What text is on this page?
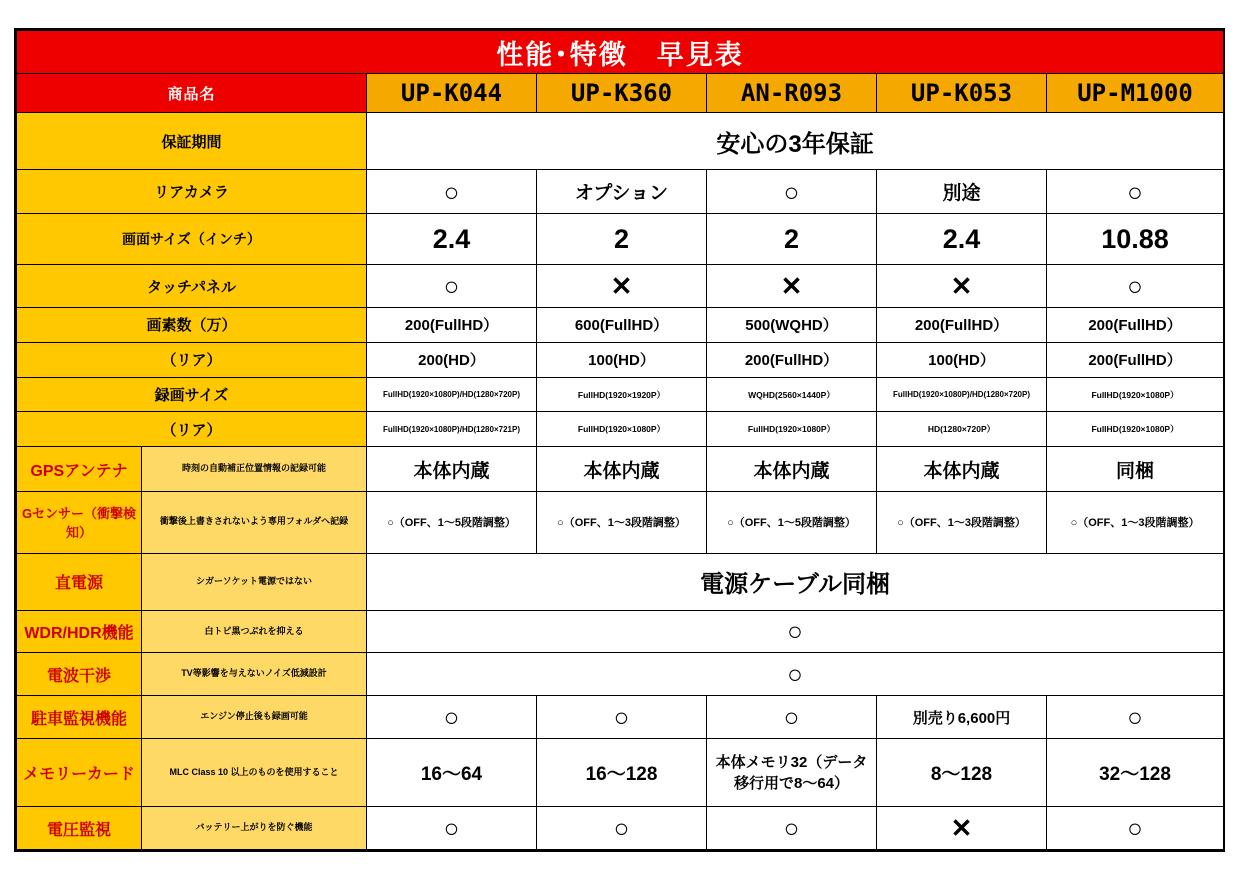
性能･特徴　早見表						
商品名		UP-K044	UP-K360	AN-R093	UP-K053	UP-M1000
保証期間		安心の3年保証				
リアカメラ		○	オプション	○	別途	○
画面サイズ（インチ）		2.4	2	2	2.4	10.88
タッチパネル		○	✕	✕	✕	○
画素数（万）		200(FullHD）	600(FullHD）	500(WQHD）	200(FullHD）	200(FullHD）
（リア）		200(HD）	100(HD）	200(FullHD）	100(HD）	200(FullHD）
録画サイズ		FullHD(1920×1080P)/HD(1280×720P)	FullHD(1920×1920P）	WQHD(2560×1440P）	FullHD(1920×1080P)/HD(1280×720P)	FullHD(1920×1080P）
（リア）		FullHD(1920×1080P)/HD(1280×721P)	FullHD(1920×1080P）	FullHD(1920×1080P）	HD(1280×720P）	FullHD(1920×1080P）
GPSアンテナ	時刻の自動補正位置情報の記録可能	本体内蔵	本体内蔵	本体内蔵	本体内蔵	同梱
Gセンサー（衝撃検知）	衝撃後上書きされないよう専用フォルダへ記録	○（OFF、1～5段階調整）	○（OFF、1～3段階調整）	○（OFF、1～5段階調整）	○（OFF、1～3段階調整）	○（OFF、1～3段階調整）
直電源	シガーソケット電源ではない	電源ケーブル同梱				
WDR/HDR機能	白トビ黒つぶれを抑える	○				
電波干渉	TV等影響を与えないノイズ低減設計	○				
駐車監視機能	エンジン停止後も録画可能	○	○	○	別売り6,600円	○
メモリーカード	MLC Class 10 以上のものを使用すること	16～64	16～128	本体メモリ32（データ移行用で8～64）	8～128	32～128
電圧監視	バッテリー上がりを防ぐ機能	○	○	○	✕	○
